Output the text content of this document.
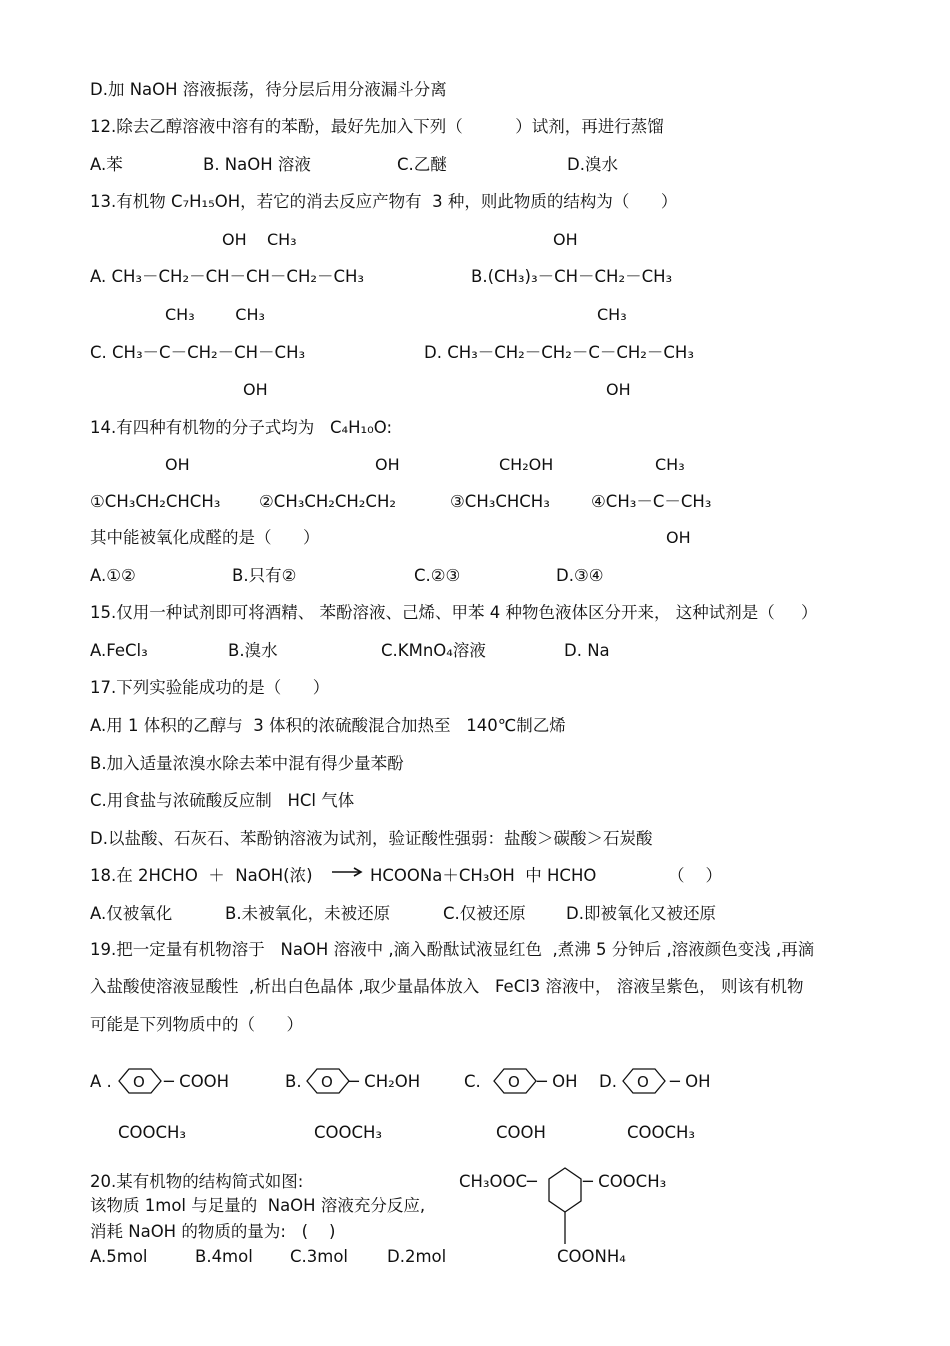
D.加 NaOH 溶液振荡，待分层后用分液漏斗分离
12.除去乙醇溶液中溶有的苯酚，最好先加入下列（          ）试剂，再进行蒸馏
A.苯	B. NaOH 溶液	C.乙醚	D.溴水
13.有机物 C₇H₁₅OH，若它的消去反应产物有  3 种，则此物质的结构为（      ）
OH    CH₃	OH
A. CH₃－CH₂－CH－CH－CH₂－CH₃	B.(CH₃)₃－CH－CH₂－CH₃
CH₃        CH₃	CH₃
C. CH₃－C－CH₂－CH－CH₃	D. CH₃－CH₂－CH₂－C－CH₂－CH₃
OH	OH
14.有四种有机物的分子式均为   C₄H₁₀O:
OH	OH	CH₂OH	CH₃
①CH₃CH₂CHCH₃ ②CH₃CH₂CH₂CH₂	③CH₃CHCH₃ ④CH₃－C－CH₃
其中能被氧化成醛的是（      ）	OH
A.①②	B.只有②	C.②③	D.③④
15.仅用一种试剂即可将酒精、 苯酚溶液、己烯、甲苯 4 种物色液体区分开来， 这种试剂是（     ）
A.FeCl₃	B.溴水	C.KMnO₄溶液	D. Na
17.下列实验能成功的是（      ）
A.用 1 体积的乙醇与  3 体积的浓硫酸混合加热至   140℃制乙烯
B.加入适量浓溴水除去苯中混有得少量苯酚
C.用食盐与浓硫酸反应制   HCl 气体
D.以盐酸、石灰石、苯酚钠溶液为试剂，验证酸性强弱：盐酸＞碳酸＞石炭酸
18.在 2HCHO  ＋  NaOH(浓) → HCOONa＋CH₃OH  中 HCHO	（    ）
A.仅被氧化	B.未被氧化，未被还原	C.仅被还原 D.即被氧化又被还原
19.把一定量有机物溶于   NaOH 溶液中 ,滴入酚酞试液显红色  ,煮沸 5 分钟后 ,溶液颜色变浅 ,再滴
入盐酸使溶液显酸性  ,析出白色晶体 ,取少量晶体放入   FeCl3 溶液中， 溶液呈紫色， 则该有机物
可能是下列物质中的（      ）
A . O ─ COOH
COOCH₃
B. O ─ CH₂OH
COOCH₃
C. O ─ OH
COOH
D. O ─ OH
COOCH₃
20.某有机物的结构简式如图:
该物质 1mol 与足量的  NaOH 溶液充分反应,
消耗 NaOH 的物质的量为:   (    )
A.5mol	B.4mol C.3mol D.2mol
CH₃OOC─	─ COOCH₃
COONH₄
